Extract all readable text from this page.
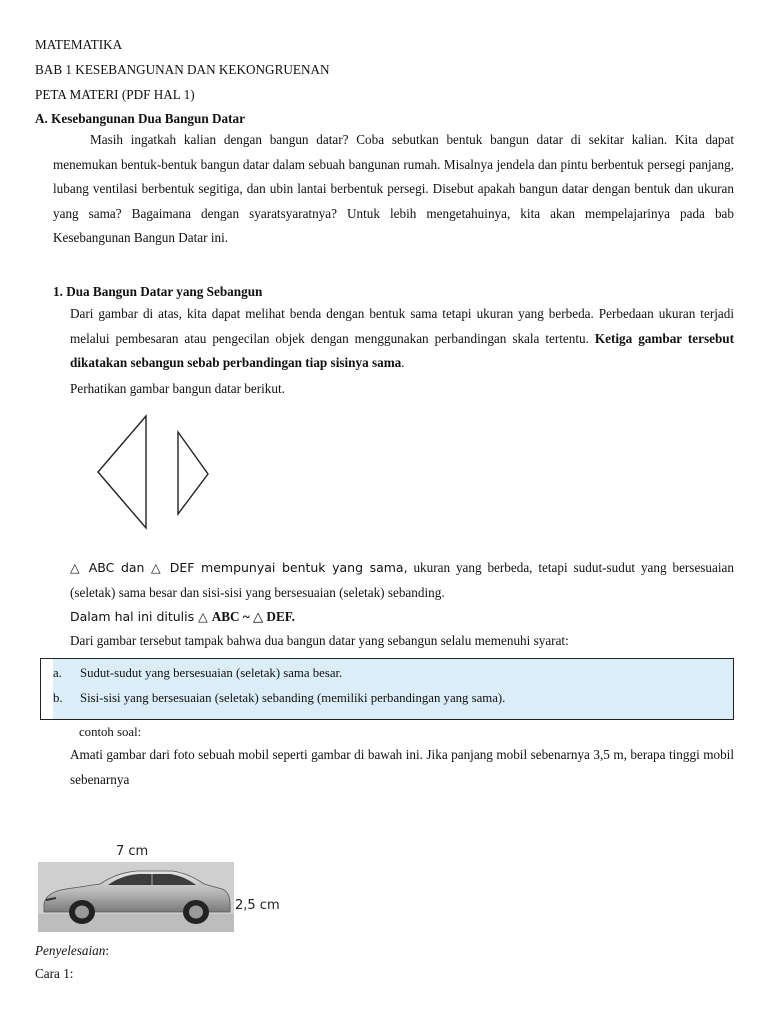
MATEMATIKA
BAB 1 KESEBANGUNAN DAN KEKONGRUENAN
PETA MATERI (PDF HAL 1)
A. Kesebangunan Dua Bangun Datar
Masih ingatkah kalian dengan bangun datar? Coba sebutkan bentuk bangun datar di sekitar kalian. Kita dapat menemukan bentuk-bentuk bangun datar dalam sebuah bangunan rumah. Misalnya jendela dan pintu berbentuk persegi panjang, lubang ventilasi berbentuk segitiga, dan ubin lantai berbentuk persegi. Disebut apakah bangun datar dengan bentuk dan ukuran yang sama? Bagaimana dengan syaratsyaratnya? Untuk lebih mengetahuinya, kita akan mempelajarinya pada bab Kesebangunan Bangun Datar ini.
1. Dua Bangun Datar yang Sebangun
Dari gambar di atas, kita dapat melihat benda dengan bentuk sama tetapi ukuran yang berbeda. Perbedaan ukuran terjadi melalui pembesaran atau pengecilan objek dengan menggunakan perbandingan skala tertentu. Ketiga gambar tersebut dikatakan sebangun sebab perbandingan tiap sisinya sama.
Perhatikan gambar bangun datar berikut.
△ ABC dan △ DEF mempunyai bentuk yang sama, ukuran yang berbeda, tetapi sudut-sudut yang bersesuaian (seletak) sama besar dan sisi-sisi yang bersesuaian (seletak) sebanding.
Dalam hal ini ditulis △ ABC ~ △ DEF.
Dari gambar tersebut tampak bahwa dua bangun datar yang sebangun selalu memenuhi syarat:
a. Sudut-sudut yang bersesuaian (seletak) sama besar.
b. Sisi-sisi yang bersesuaian (seletak) sebanding (memiliki perbandingan yang sama).
contoh soal:
Amati gambar dari foto sebuah mobil seperti gambar di bawah ini. Jika panjang mobil sebenarnya 3,5 m, berapa tinggi mobil sebenarnya
7 cm
2,5 cm
Penyelesaian:
Cara 1:
